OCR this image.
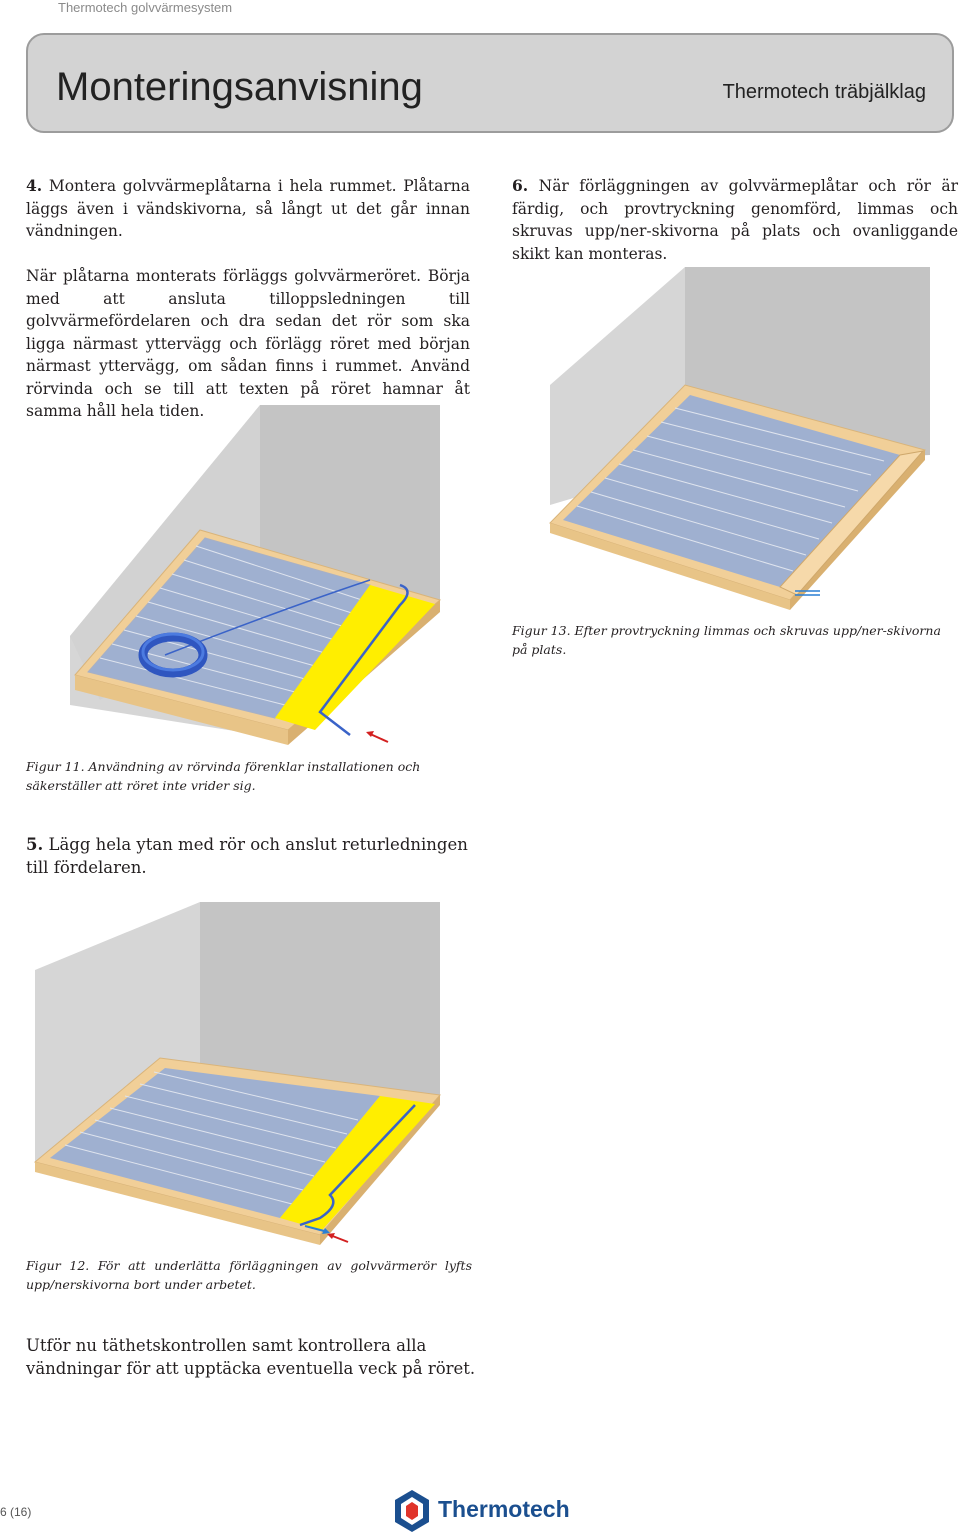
Thermotech golvvärmesystem
Monteringsanvisning	Thermotech träbjälklag

4. Montera golvvärmeplåtarna i hela rummet. Plåtarna läggs även i vändskivorna, så långt ut det går innan vändningen.

När plåtarna monterats förläggs golvvärmeröret. Börja med att ansluta tilloppsledningen till golvvärmefördelaren och dra sedan det rör som ska ligga närmast yttervägg och förlägg röret med början närmast yttervägg, om sådan finns i rummet. Använd rörvinda och se till att texten på röret hamnar åt samma håll hela tiden.

Figur 11. Användning av rörvinda förenklar installationen och säkerställer att röret inte vrider sig.

5. Lägg hela ytan med rör och anslut returledningen till fördelaren.

Figur 12. För att underlätta förläggningen av golvvärmerör lyfts upp/nerskivorna bort under arbetet.

Utför nu täthetskontrollen samt kontrollera alla vändningar för att upptäcka eventuella veck på röret.

6. När förläggningen av golvvärmeplåtar och rör är färdig, och provtryckning genomförd, limmas och skruvas upp/ner-skivorna på plats och ovanliggande skikt kan monteras.

Figur 13. Efter provtryckning limmas och skruvas upp/ner-skivorna på plats.

6 (16)	Thermotech
